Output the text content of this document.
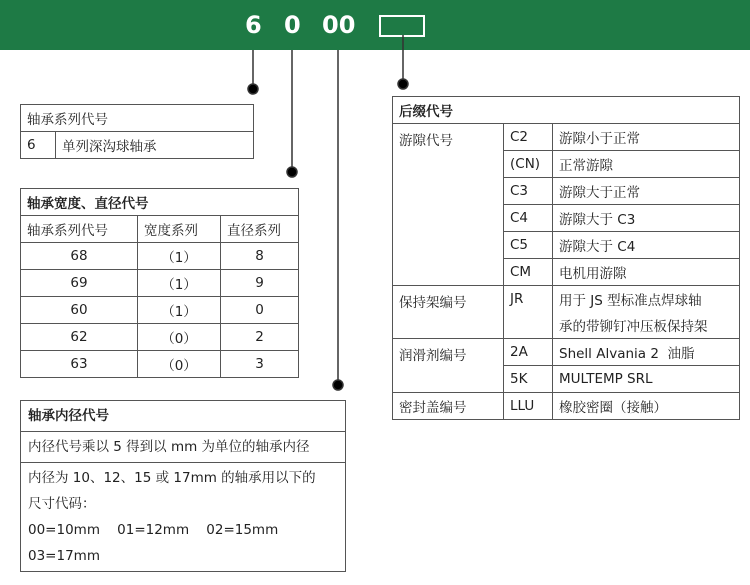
6 0 00
轴承系列代号
6	单列深沟球轴承
轴承宽度、直径代号		
轴承系列代号	宽度系列	直径系列
68	（1）	8
69	（1）	9
60	（1）	0
62	（0）	2
63	（0）	3
轴承内径代号
内径代号乘以 5 得到以 mm 为单位的轴承内径

内径为 10、12、15 或 17mm 的轴承用以下的
尺寸代码：
00=10mm    01=12mm    02=15mm
03=17mm
后缀代号		
游隙代号	C2	游隙小于正常
	(CN)	正常游隙
	C3	游隙大于正常
	C4	游隙大于 C3
	C5	游隙大于 C4
	CM	电机用游隙
保持架编号	JR	用于 JS 型标准点焊球轴
		承的带铆钉冲压板保持架
润滑剂编号	2A	Shell Alvania 2  油脂
	5K	MULTEMP SRL
密封盖编号	LLU	橡胶密圈（接触）
